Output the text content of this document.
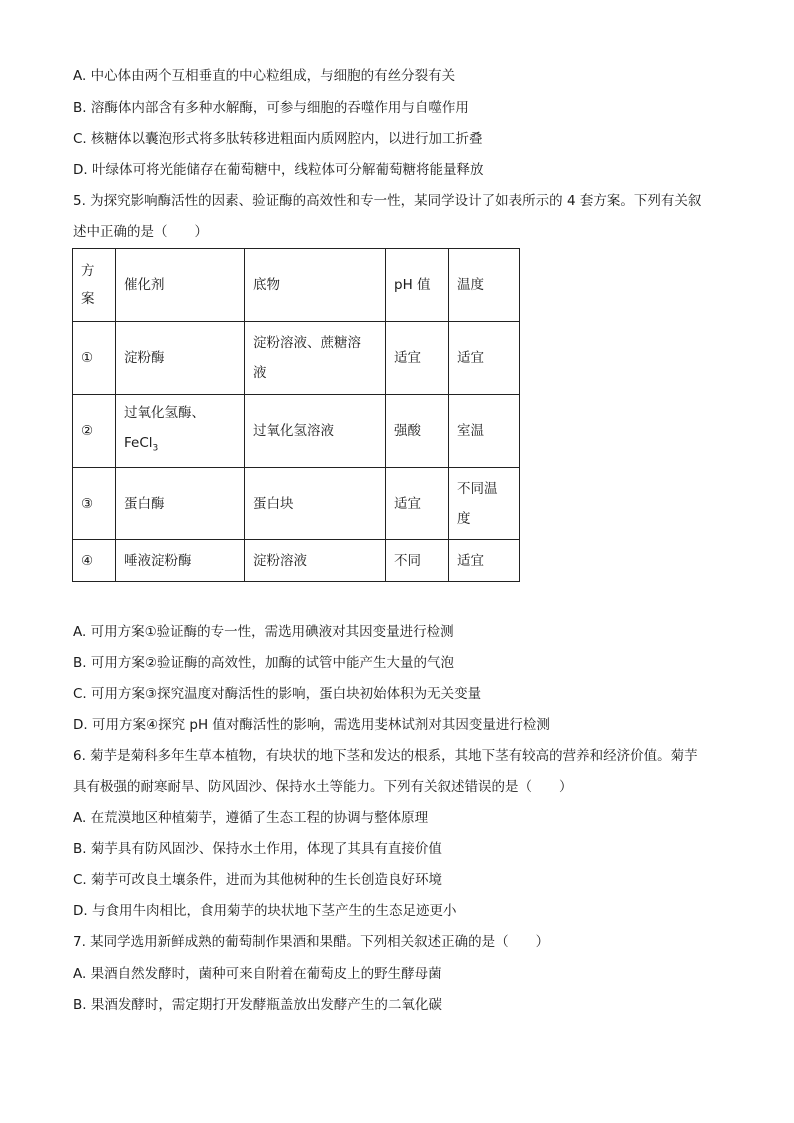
A. 中心体由两个互相垂直的中心粒组成，与细胞的有丝分裂有关
B. 溶酶体内部含有多种水解酶，可参与细胞的吞噬作用与自噬作用
C. 核糖体以囊泡形式将多肽转移进粗面内质网腔内，以进行加工折叠
D. 叶绿体可将光能储存在葡萄糖中，线粒体可分解葡萄糖将能量释放
5. 为探究影响酶活性的因素、验证酶的高效性和专一性，某同学设计了如表所示的 4 套方案。下列有关叙
述中正确的是（　　）
方案	催化剂	底物	pH 值	温度
①	淀粉酶	淀粉溶液、蔗糖溶液	适宜	适宜
②	过氧化氢酶、FeCl$_3$	过氧化氢溶液	强酸	室温
③	蛋白酶	蛋白块	适宜	不同温度
④	唾液淀粉酶	淀粉溶液	不同	适宜
A. 可用方案①验证酶的专一性，需选用碘液对其因变量进行检测
B. 可用方案②验证酶的高效性，加酶的试管中能产生大量的气泡
C. 可用方案③探究温度对酶活性的影响，蛋白块初始体积为无关变量
D. 可用方案④探究 pH 值对酶活性的影响，需选用斐林试剂对其因变量进行检测
6. 菊芋是菊科多年生草本植物，有块状的地下茎和发达的根系，其地下茎有较高的营养和经济价值。菊芋
具有极强的耐寒耐旱、防风固沙、保持水土等能力。下列有关叙述错误的是（　　）
A. 在荒漠地区种植菊芋，遵循了生态工程的协调与整体原理
B. 菊芋具有防风固沙、保持水土作用，体现了其具有直接价值
C. 菊芋可改良土壤条件，进而为其他树种的生长创造良好环境
D. 与食用牛肉相比，食用菊芋的块状地下茎产生的生态足迹更小
7. 某同学选用新鲜成熟的葡萄制作果酒和果醋。下列相关叙述正确的是（　　）
A. 果酒自然发酵时，菌种可来自附着在葡萄皮上的野生酵母菌
B. 果酒发酵时，需定期打开发酵瓶盖放出发酵产生的二氧化碳
